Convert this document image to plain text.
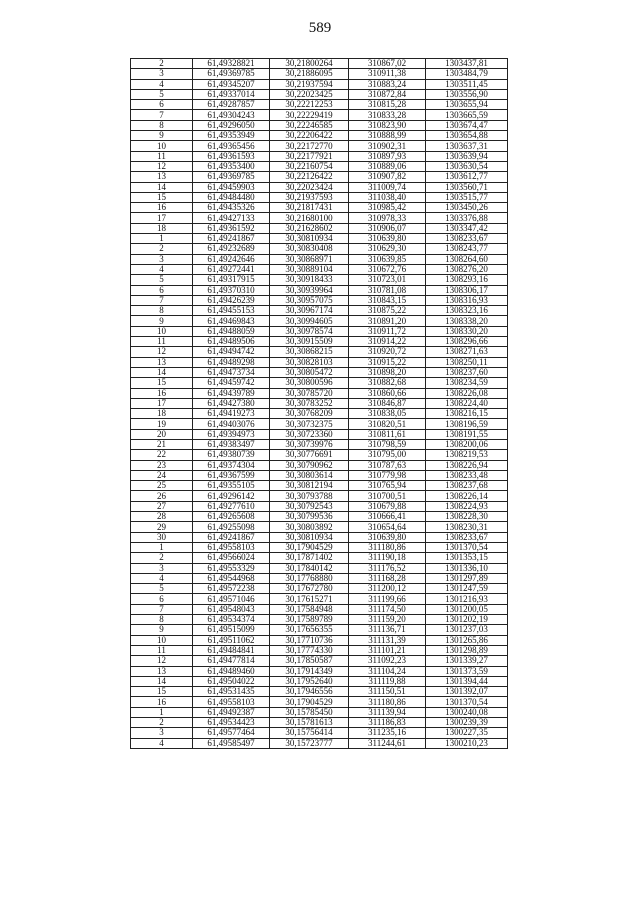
589
2	61,49328821	30,21800264	310867,02	1303437,81
3	61,49369785	30,21886095	310911,38	1303484,79
4	61,49345207	30,21937594	310883,24	1303511,45
5	61,49337014	30,22023425	310872,84	1303556,90
6	61,49287857	30,22212253	310815,28	1303655,94
7	61,49304243	30,22229419	310833,28	1303665,59
8	61,49296050	30,22246585	310823,90	1303674,47
9	61,49353949	30,22206422	310888,99	1303654,88
10	61,49365456	30,22172770	310902,31	1303637,31
11	61,49361593	30,22177921	310897,93	1303639,94
12	61,49353400	30,22160754	310889,06	1303630,54
13	61,49369785	30,22126422	310907,82	1303612,77
14	61,49459903	30,22023424	311009,74	1303560,71
15	61,49484480	30,21937593	311038,40	1303515,77
16	61,49435326	30,21817431	310985,42	1303450,26
17	61,49427133	30,21680100	310978,33	1303376,88
18	61,49361592	30,21628602	310906,07	1303347,42
1	61,49241867	30,30810934	310639,80	1308233,67
2	61,49232689	30,30830408	310629,30	1308243,77
3	61,49242646	30,30868971	310639,85	1308264,60
4	61,49272441	30,30889104	310672,76	1308276,20
5	61,49317915	30,30918433	310723,01	1308293,16
6	61,49370310	30,30939964	310781,08	1308306,17
7	61,49426239	30,30957075	310843,15	1308316,93
8	61,49455153	30,30967174	310875,22	1308323,16
9	61,49469843	30,30994605	310891,20	1308338,20
10	61,49488059	30,30978574	310911,72	1308330,20
11	61,49489506	30,30915509	310914,22	1308296,66
12	61,49494742	30,30868215	310920,72	1308271,63
13	61,49489298	30,30828103	310915,22	1308250,11
14	61,49473734	30,30805472	310898,20	1308237,60
15	61,49459742	30,30800596	310882,68	1308234,59
16	61,49439789	30,30785720	310860,66	1308226,08
17	61,49427380	30,30783252	310846,87	1308224,40
18	61,49419273	30,30768209	310838,05	1308216,15
19	61,49403076	30,30732375	310820,51	1308196,59
20	61,49394973	30,30723360	310811,61	1308191,55
21	61,49383497	30,30739976	310798,59	1308200,06
22	61,49380739	30,30776691	310795,00	1308219,53
23	61,49374304	30,30790962	310787,63	1308226,94
24	61,49367599	30,30803614	310779,98	1308233,48
25	61,49355105	30,30812194	310765,94	1308237,68
26	61,49296142	30,30793788	310700,51	1308226,14
27	61,49277610	30,30792543	310679,88	1308224,93
28	61,49265608	30,30799536	310666,41	1308228,30
29	61,49255098	30,30803892	310654,64	1308230,31
30	61,49241867	30,30810934	310639,80	1308233,67
1	61,49558103	30,17904529	311180,86	1301370,54
2	61,49566024	30,17871402	311190,18	1301353,15
3	61,49553329	30,17840142	311176,52	1301336,10
4	61,49544968	30,17768880	311168,28	1301297,89
5	61,49572238	30,17672780	311200,12	1301247,59
6	61,49571046	30,17615271	311199,66	1301216,93
7	61,49548043	30,17584948	311174,50	1301200,05
8	61,49534374	30,17589789	311159,20	1301202,19
9	61,49515099	30,17656355	311136,71	1301237,03
10	61,49511062	30,17710736	311131,39	1301265,86
11	61,49484841	30,17774330	311101,21	1301298,89
12	61,49477814	30,17850587	311092,23	1301339,27
13	61,49489460	30,17914349	311104,24	1301373,59
14	61,49504022	30,17952640	311119,88	1301394,44
15	61,49531435	30,17946556	311150,51	1301392,07
16	61,49558103	30,17904529	311180,86	1301370,54
1	61,49492387	30,15785450	311139,94	1300240,08
2	61,49534423	30,15781613	311186,83	1300239,39
3	61,49577464	30,15756414	311235,16	1300227,35
4	61,49585497	30,15723777	311244,61	1300210,23
